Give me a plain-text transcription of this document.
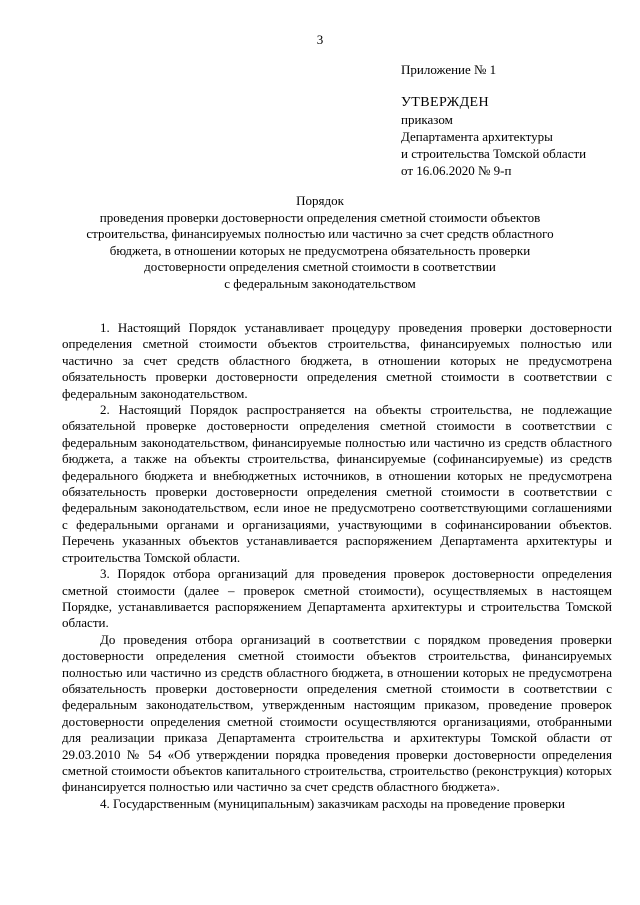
3
Приложение № 1
УТВЕРЖДЕН
приказом
Департамента архитектуры
и строительства Томской области
от 16.06.2020 № 9-п
Порядок
проведения проверки достоверности определения сметной стоимости объектов
строительства, финансируемых полностью или частично за счет средств областного
бюджета, в отношении которых не предусмотрена обязательность проверки
достоверности определения сметной стоимости в соответствии
с федеральным законодательством

1. Настоящий Порядок устанавливает процедуру проведения проверки достоверности определения сметной стоимости объектов строительства, финансируемых полностью или частично за счет средств областного бюджета, в отношении которых не предусмотрена обязательность проверки достоверности определения сметной стоимости в соответствии с федеральным законодательством.

2. Настоящий Порядок распространяется на объекты строительства, не подлежащие обязательной проверке достоверности определения сметной стоимости в соответствии с федеральным законодательством, финансируемые полностью или частично из средств областного бюджета, а также на объекты строительства, финансируемые (софинансируемые) из средств федерального бюджета и внебюджетных источников, в отношении которых не предусмотрена обязательность проверки достоверности определения сметной стоимости в соответствии с федеральным законодательством, если иное не предусмотрено соответствующими соглашениями с федеральными органами и организациями, участвующими в софинансировании объектов. Перечень указанных объектов устанавливается распоряжением Департамента архитектуры и строительства Томской области.

3. Порядок отбора организаций для проведения проверок достоверности определения сметной стоимости (далее – проверок сметной стоимости), осуществляемых в настоящем Порядке, устанавливается распоряжением Департамента архитектуры и строительства Томской области.

До проведения отбора организаций в соответствии с порядком проведения проверки достоверности определения сметной стоимости объектов строительства, финансируемых полностью или частично из средств областного бюджета, в отношении которых не предусмотрена обязательность проверки достоверности определения сметной стоимости в соответствии с федеральным законодательством, утвержденным настоящим приказом, проведение проверок достоверности определения сметной стоимости осуществляются организациями, отобранными для реализации приказа Департамента строительства и архитектуры Томской области от 29.03.2010 № 54 «Об утверждении порядка проведения проверки достоверности определения сметной стоимости объектов капитального строительства, строительство (реконструкция) которых финансируется полностью или частично за счет средств областного бюджета».

4. Государственным (муниципальным) заказчикам расходы на проведение проверки
